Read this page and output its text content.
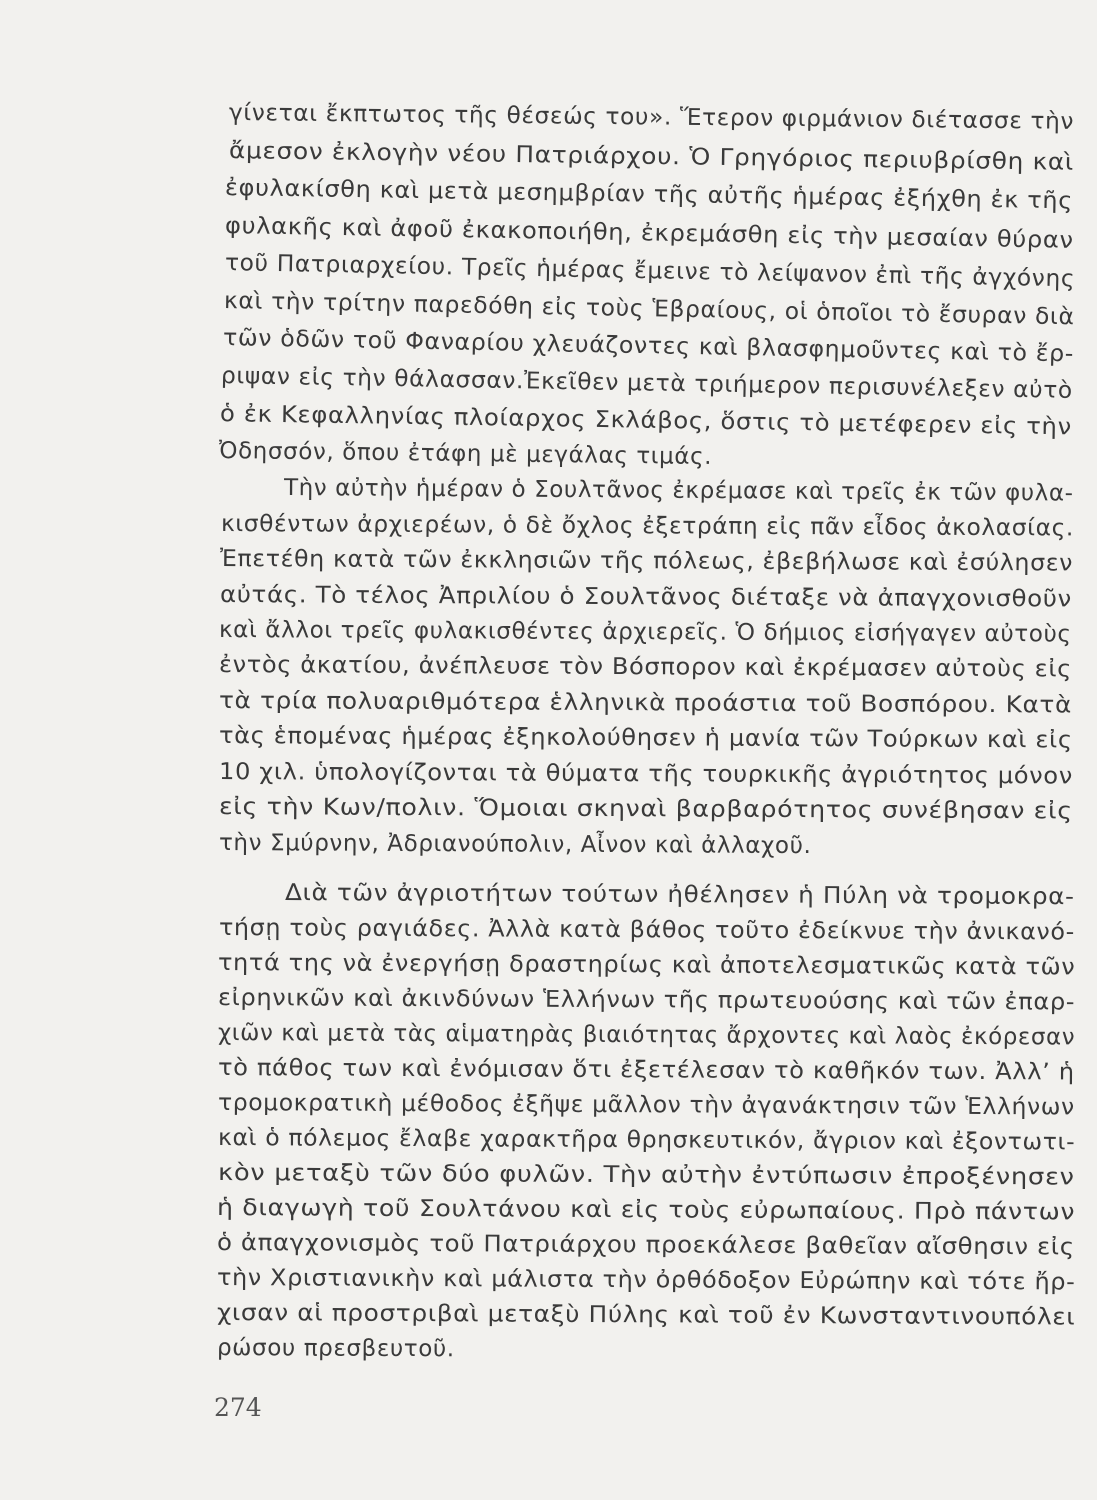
γίνεται ἔκπτωτος τῆς θέσεώς του». Ἕτερον φιρμάνιον διέτασσε τὴν
ἄμεσον ἐκλογὴν νέου Πατριάρχου. Ὁ Γρηγόριος περιυβρίσθη καὶ
ἐφυλακίσθη καὶ μετὰ μεσημβρίαν τῆς αὐτῆς ἡμέρας ἐξήχθη ἐκ τῆς
φυλακῆς καὶ ἀφοῦ ἐκακοποιήθη, ἐκρεμάσθη εἰς τὴν μεσαίαν θύραν
τοῦ Πατριαρχείου. Τρεῖς ἡμέρας ἔμεινε τὸ λείψανον ἐπὶ τῆς ἀγχόνης
καὶ τὴν τρίτην παρεδόθη εἰς τοὺς Ἑβραίους, οἱ ὁποῖοι τὸ ἔσυραν διὰ
τῶν ὁδῶν τοῦ Φαναρίου χλευάζοντες καὶ βλασφημοῦντες καὶ τὸ ἔρ-
ριψαν εἰς τὴν θάλασσαν.Ἐκεῖθεν μετὰ τριήμερον περισυνέλεξεν αὐτὸ
ὁ ἐκ Κεφαλληνίας πλοίαρχος Σκλάβος, ὅστις τὸ μετέφερεν εἰς τὴν
Ὀδησσόν, ὅπου ἐτάφη μὲ μεγάλας τιμάς.
Τὴν αὐτὴν ἡμέραν ὁ Σουλτᾶνος ἐκρέμασε καὶ τρεῖς ἐκ τῶν φυλα-
κισθέντων ἀρχιερέων, ὁ δὲ ὄχλος ἐξετράπη εἰς πᾶν εἶδος ἀκολασίας.
Ἐπετέθη κατὰ τῶν ἐκκλησιῶν τῆς πόλεως, ἐβεβήλωσε καὶ ἐσύλησεν
αὐτάς. Τὸ τέλος Ἀπριλίου ὁ Σουλτᾶνος διέταξε νὰ ἀπαγχονισθοῦν
καὶ ἄλλοι τρεῖς φυλακισθέντες ἀρχιερεῖς. Ὁ δήμιος εἰσήγαγεν αὐτοὺς
ἐντὸς ἀκατίου, ἀνέπλευσε τὸν Βόσπορον καὶ ἐκρέμασεν αὐτοὺς εἰς
τὰ τρία πολυαριθμότερα ἑλληνικὰ προάστια τοῦ Βοσπόρου. Κατὰ
τὰς ἑπομένας ἡμέρας ἐξηκολούθησεν ἡ μανία τῶν Τούρκων καὶ εἰς
10 χιλ. ὑπολογίζονται τὰ θύματα τῆς τουρκικῆς ἀγριότητος μόνον
εἰς τὴν Κων/πολιν. Ὅμοιαι σκηναὶ βαρβαρότητος συνέβησαν εἰς
τὴν Σμύρνην, Ἀδριανούπολιν, Αἶνον καὶ ἀλλαχοῦ.
Διὰ τῶν ἀγριοτήτων τούτων ἠθέλησεν ἡ Πύλη νὰ τρομοκρα-
τήσῃ τοὺς ραγιάδες. Ἀλλὰ κατὰ βάθος τοῦτο ἐδείκνυε τὴν ἀνικανό-
τητά της νὰ ἐνεργήσῃ δραστηρίως καὶ ἀποτελεσματικῶς κατὰ τῶν
εἰρηνικῶν καὶ ἀκινδύνων Ἑλλήνων τῆς πρωτευούσης καὶ τῶν ἐπαρ-
χιῶν καὶ μετὰ τὰς αἱματηρὰς βιαιότητας ἄρχοντες καὶ λαὸς ἐκόρεσαν
τὸ πάθος των καὶ ἐνόμισαν ὅτι ἐξετέλεσαν τὸ καθῆκόν των. Ἀλλ’ ἡ
τρομοκρατικὴ μέθοδος ἐξῆψε μᾶλλον τὴν ἀγανάκτησιν τῶν Ἑλλήνων
καὶ ὁ πόλεμος ἔλαβε χαρακτῆρα θρησκευτικόν, ἄγριον καὶ ἐξοντωτι-
κὸν μεταξὺ τῶν δύο φυλῶν. Τὴν αὐτὴν ἐντύπωσιν ἐπροξένησεν
ἡ διαγωγὴ τοῦ Σουλτάνου καὶ εἰς τοὺς εὐρωπαίους. Πρὸ πάντων
ὁ ἀπαγχονισμὸς τοῦ Πατριάρχου προεκάλεσε βαθεῖαν αἴσθησιν εἰς
τὴν Χριστιανικὴν καὶ μάλιστα τὴν ὀρθόδοξον Εὐρώπην καὶ τότε ἤρ-
χισαν αἱ προστριβαὶ μεταξὺ Πύλης καὶ τοῦ ἐν Κωνσταντινουπόλει
ρώσου πρεσβευτοῦ.
274
